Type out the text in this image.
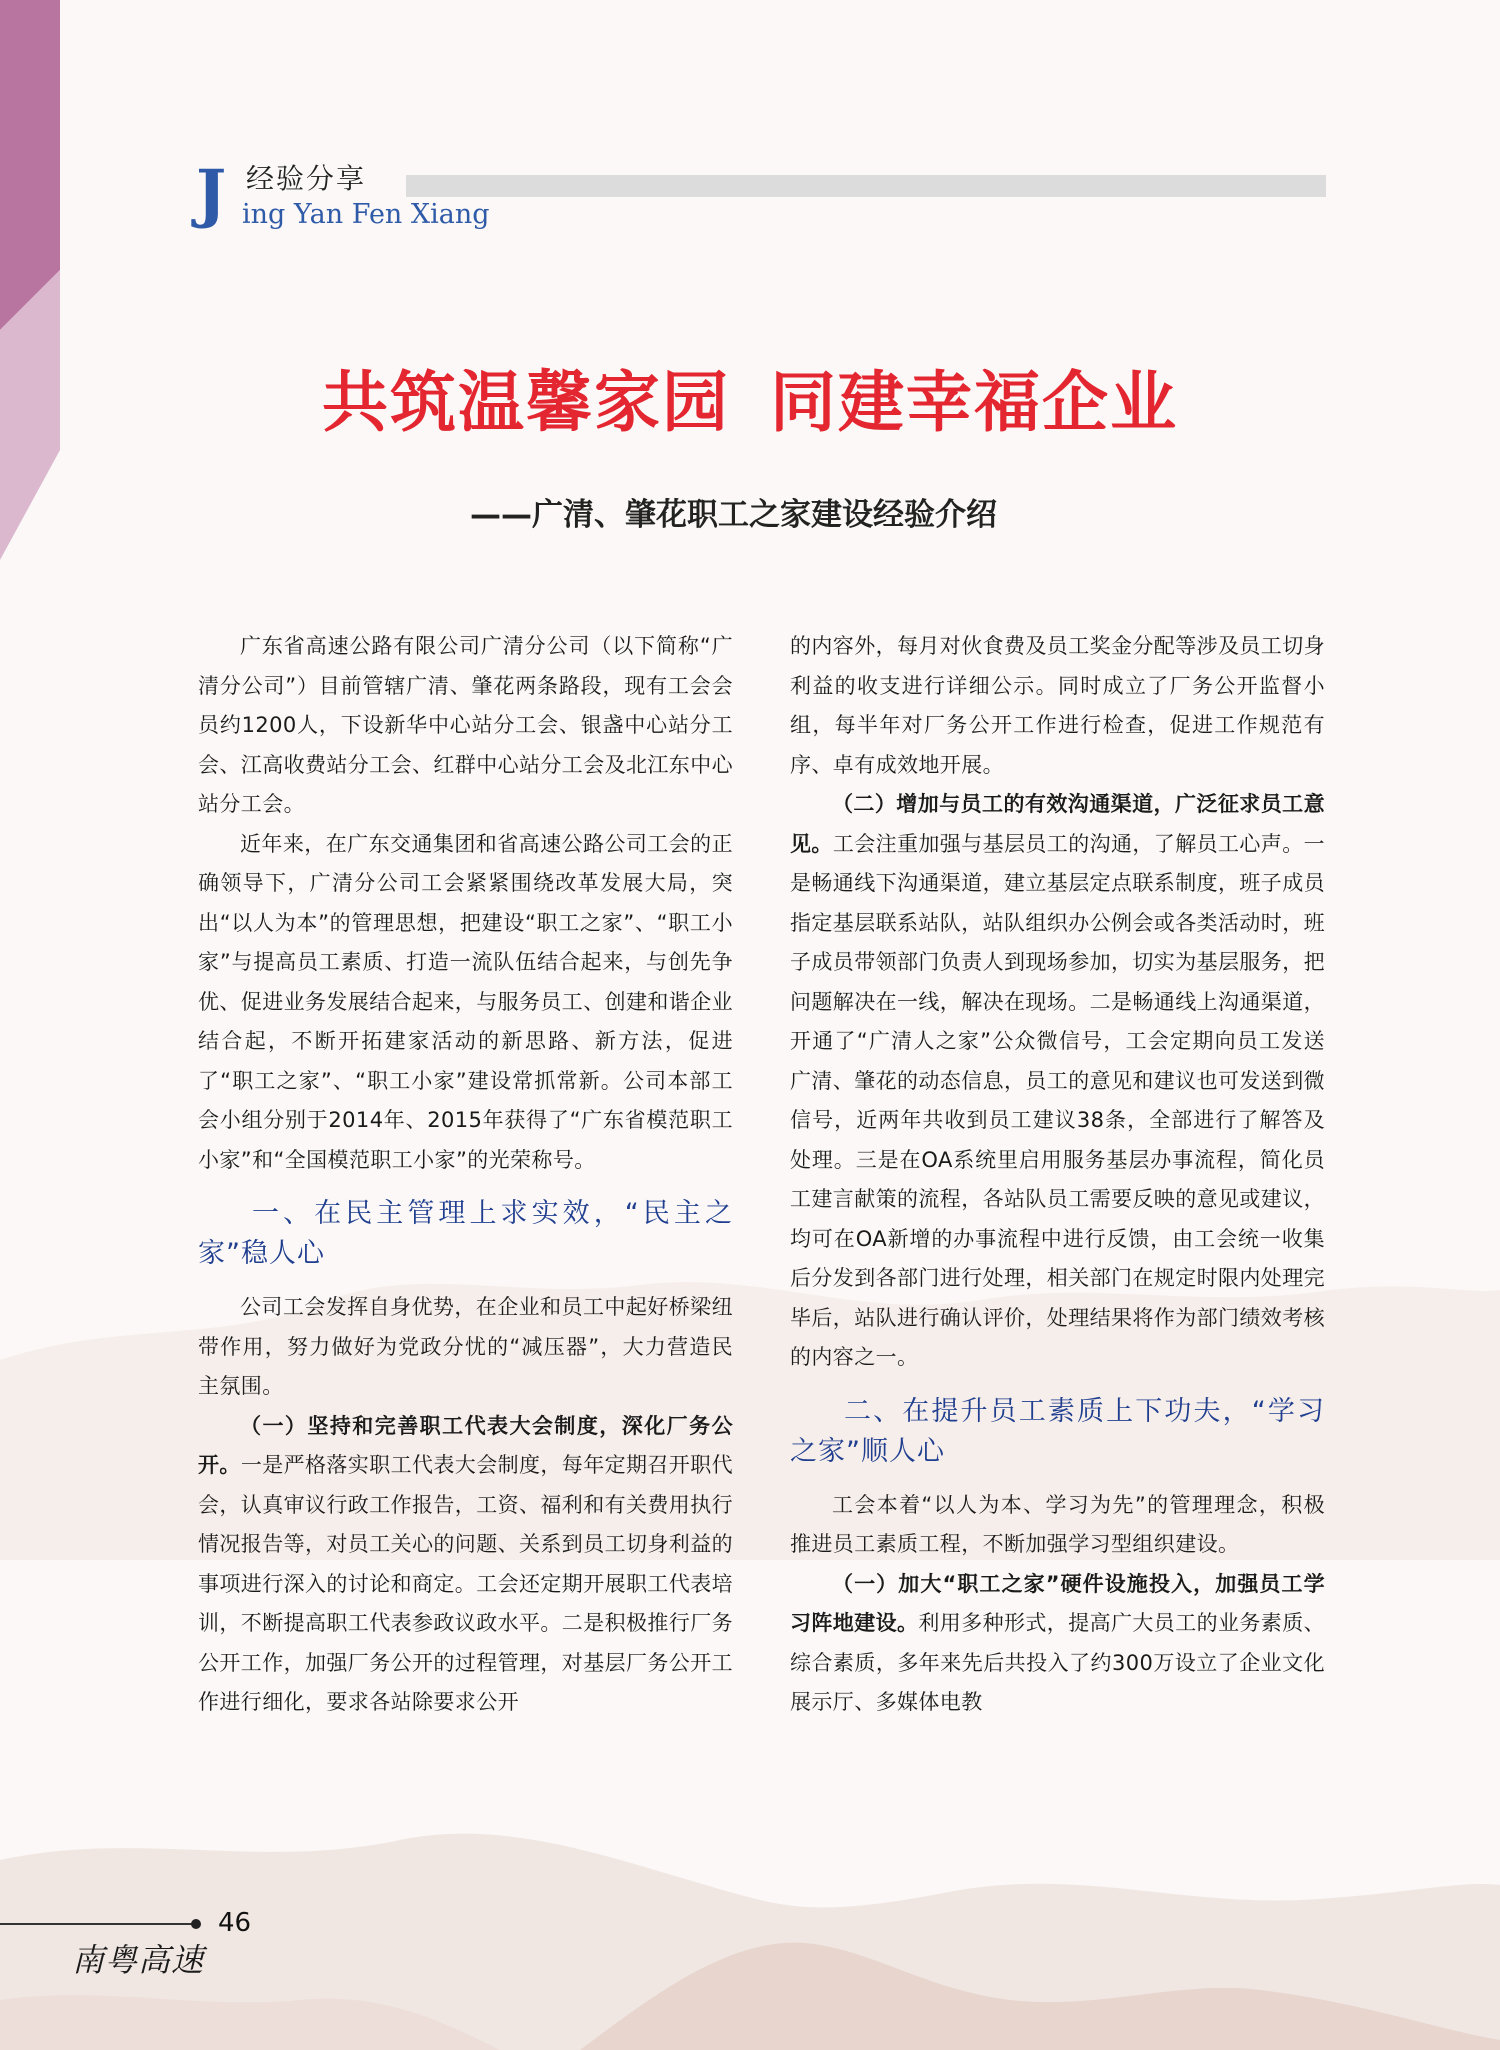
J 经验分享
ing Yan Fen Xiang
共筑温馨家园 同建幸福企业
——广清、肇花职工之家建设经验介绍

广东省高速公路有限公司广清分公司（以下简称“广清分公司”）目前管辖广清、肇花两条路段，现有工会会员约1200人，下设新华中心站分工会、银盏中心站分工会、江高收费站分工会、红群中心站分工会及北江东中心站分工会。

近年来，在广东交通集团和省高速公路公司工会的正确领导下，广清分公司工会紧紧围绕改革发展大局，突出“以人为本”的管理思想，把建设“职工之家”、“职工小家”与提高员工素质、打造一流队伍结合起来，与创先争优、促进业务发展结合起来，与服务员工、创建和谐企业结合起，不断开拓建家活动的新思路、新方法，促进了“职工之家”、“职工小家”建设常抓常新。公司本部工会小组分别于2014年、2015年获得了“广东省模范职工小家”和“全国模范职工小家”的光荣称号。

一、在民主管理上求实效，“民主之家”稳人心

公司工会发挥自身优势，在企业和员工中起好桥梁纽带作用，努力做好为党政分忧的“减压器”，大力营造民主氛围。

（一）坚持和完善职工代表大会制度，深化厂务公开。一是严格落实职工代表大会制度，每年定期召开职代会，认真审议行政工作报告，工资、福利和有关费用执行情况报告等，对员工关心的问题、关系到员工切身利益的事项进行深入的讨论和商定。工会还定期开展职工代表培训，不断提高职工代表参政议政水平。二是积极推行厂务公开工作，加强厂务公开的过程管理，对基层厂务公开工作进行细化，要求各站除要求公开

的内容外，每月对伙食费及员工奖金分配等涉及员工切身利益的收支进行详细公示。同时成立了厂务公开监督小组，每半年对厂务公开工作进行检查，促进工作规范有序、卓有成效地开展。

（二）增加与员工的有效沟通渠道，广泛征求员工意见。工会注重加强与基层员工的沟通，了解员工心声。一是畅通线下沟通渠道，建立基层定点联系制度，班子成员指定基层联系站队，站队组织办公例会或各类活动时，班子成员带领部门负责人到现场参加，切实为基层服务，把问题解决在一线，解决在现场。二是畅通线上沟通渠道，开通了“广清人之家”公众微信号，工会定期向员工发送广清、肇花的动态信息，员工的意见和建议也可发送到微信号，近两年共收到员工建议38条，全部进行了解答及处理。三是在OA系统里启用服务基层办事流程，简化员工建言献策的流程，各站队员工需要反映的意见或建议，均可在OA新增的办事流程中进行反馈，由工会统一收集后分发到各部门进行处理，相关部门在规定时限内处理完毕后，站队进行确认评价，处理结果将作为部门绩效考核的内容之一。

二、在提升员工素质上下功夫，“学习之家”顺人心

工会本着“以人为本、学习为先”的管理理念，积极推进员工素质工程，不断加强学习型组织建设。

（一）加大“职工之家”硬件设施投入，加强员工学习阵地建设。利用多种形式，提高广大员工的业务素质、综合素质，多年来先后共投入了约300万设立了企业文化展示厅、多媒体电教

46
南粤高速
